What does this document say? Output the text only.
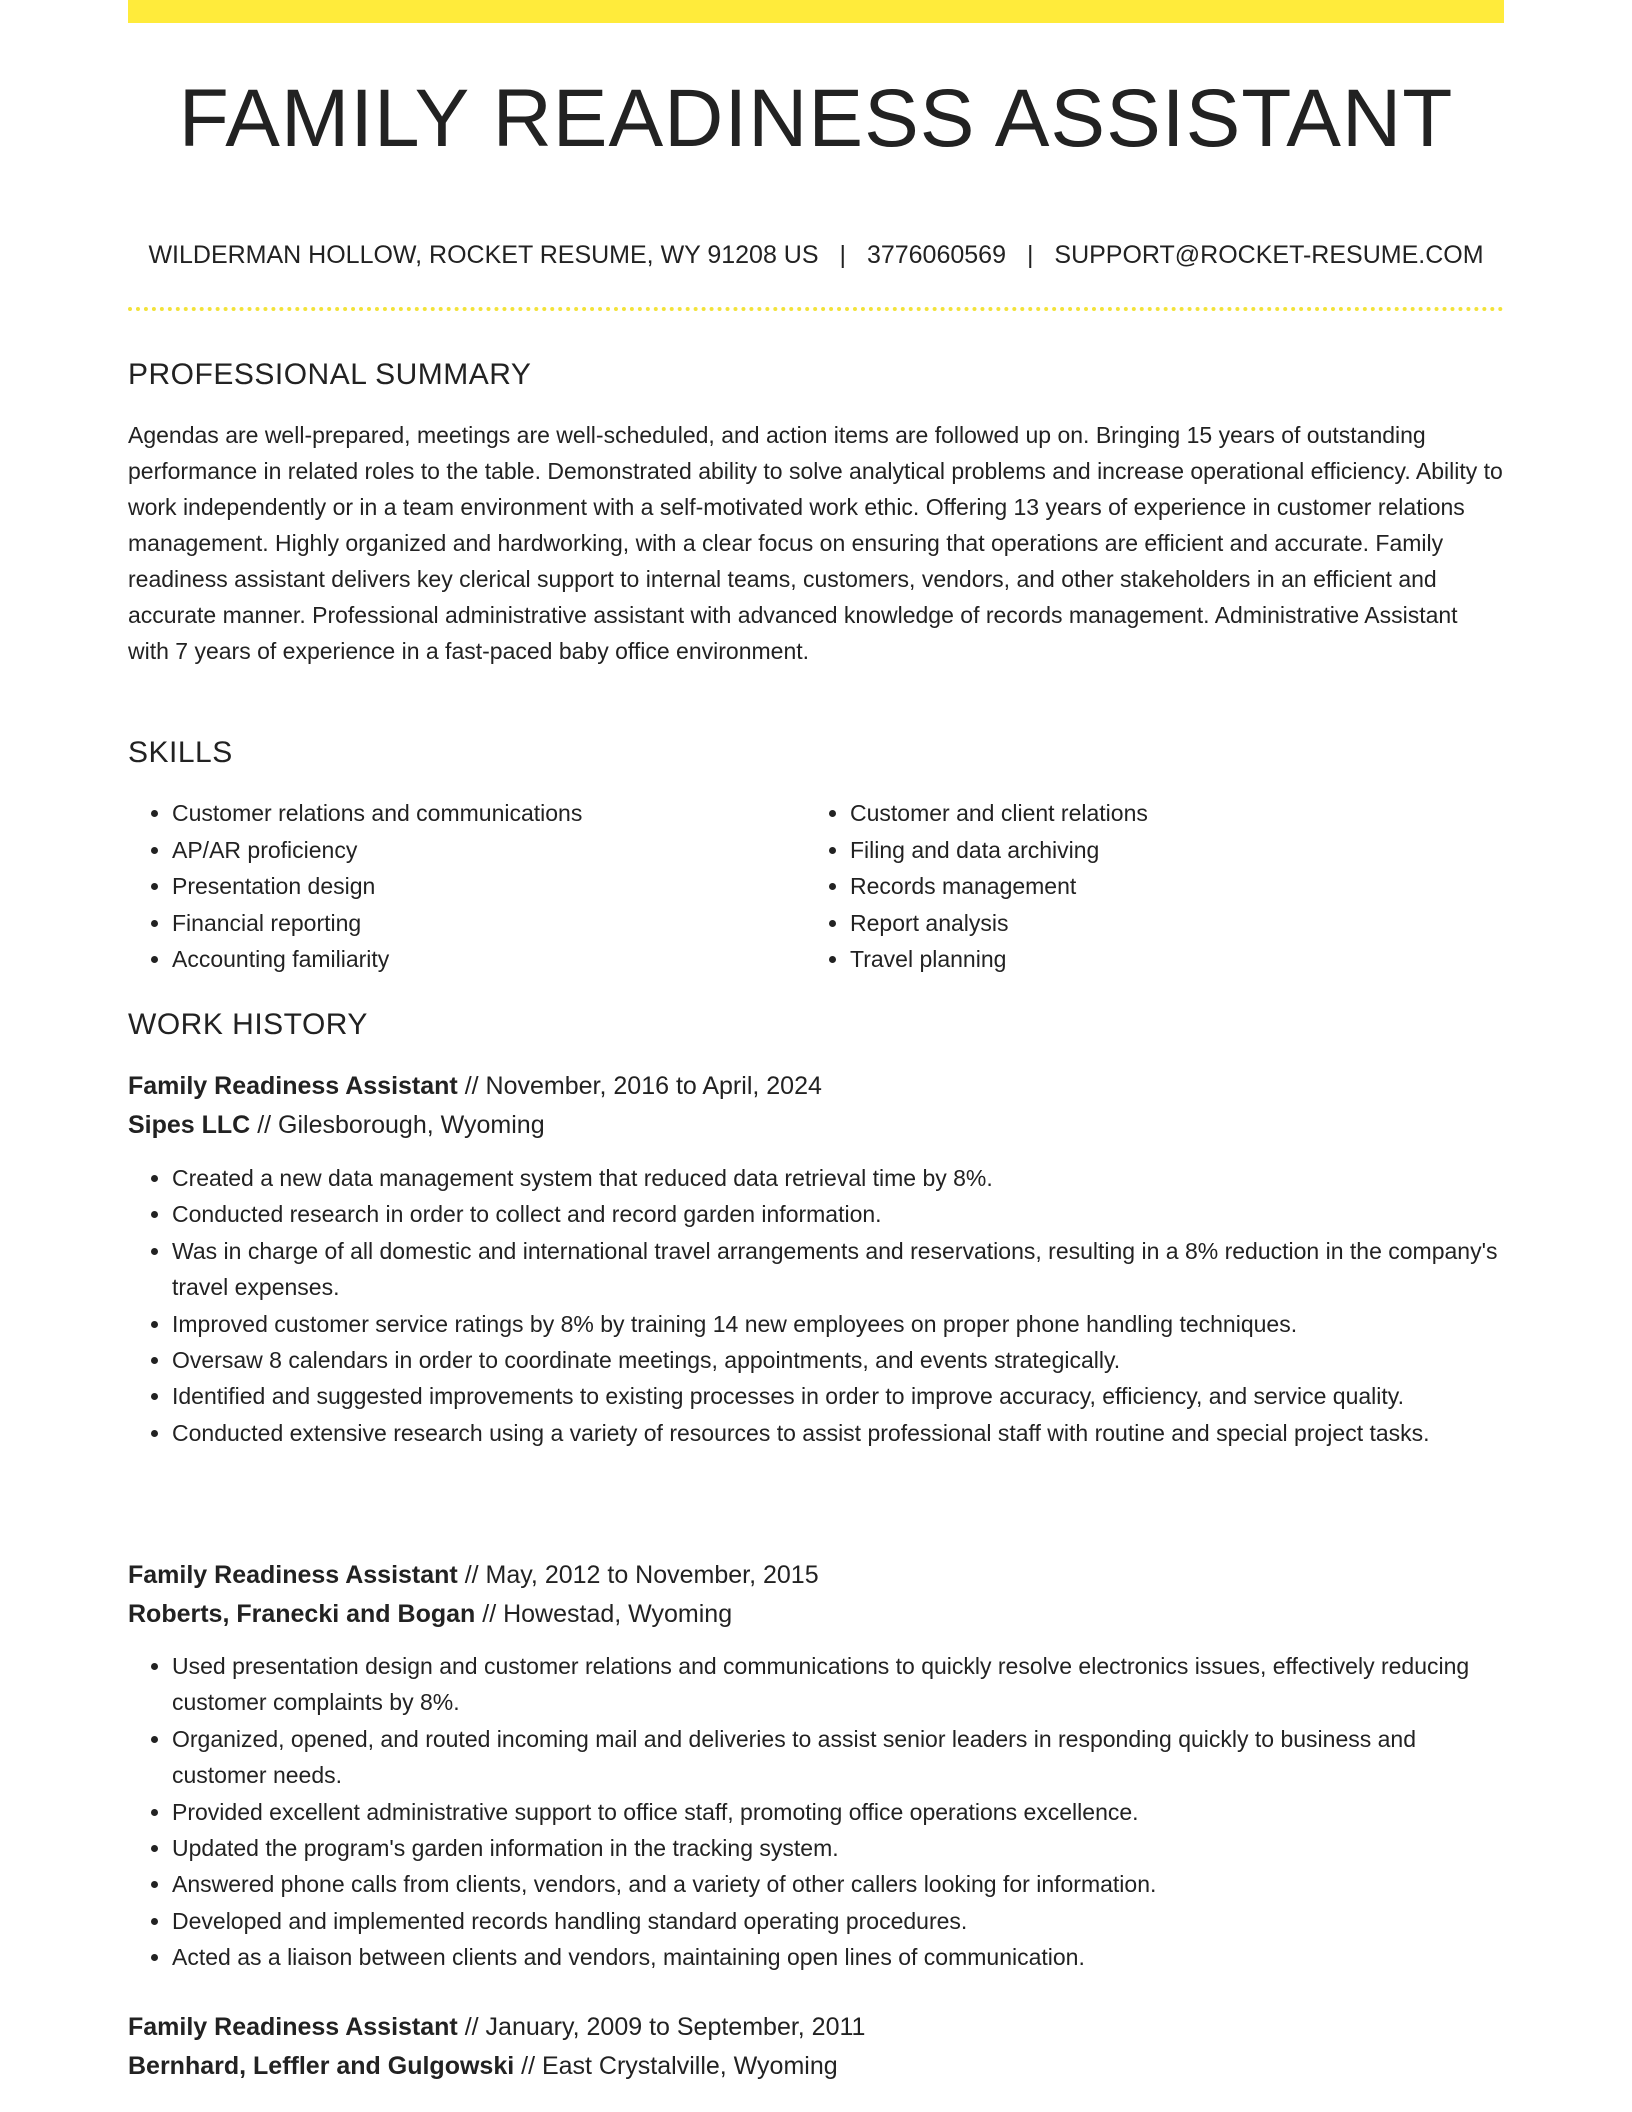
FAMILY READINESS ASSISTANT
WILDERMAN HOLLOW, ROCKET RESUME, WY 91208 US | 3776060569 | SUPPORT@ROCKET-RESUME.COM
PROFESSIONAL SUMMARY

Agendas are well-prepared, meetings are well-scheduled, and action items are followed up on. Bringing 15 years of outstanding performance in related roles to the table. Demonstrated ability to solve analytical problems and increase operational efficiency. Ability to work independently or in a team environment with a self-motivated work ethic. Offering 13 years of experience in customer relations management. Highly organized and hardworking, with a clear focus on ensuring that operations are efficient and accurate. Family readiness assistant delivers key clerical support to internal teams, customers, vendors, and other stakeholders in an efficient and accurate manner. Professional administrative assistant with advanced knowledge of records management. Administrative Assistant with 7 years of experience in a fast-paced baby office environment.

SKILLS
• Customer relations and communications
• AP/AR proficiency
• Presentation design
• Financial reporting
• Accounting familiarity
• Customer and client relations
• Filing and data archiving
• Records management
• Report analysis
• Travel planning
WORK HISTORY
Family Readiness Assistant // November, 2016 to April, 2024
Sipes LLC // Gilesborough, Wyoming
• Created a new data management system that reduced data retrieval time by 8%.
• Conducted research in order to collect and record garden information.
• Was in charge of all domestic and international travel arrangements and reservations, resulting in a 8% reduction in the company's travel expenses.
• Improved customer service ratings by 8% by training 14 new employees on proper phone handling techniques.
• Oversaw 8 calendars in order to coordinate meetings, appointments, and events strategically.
• Identified and suggested improvements to existing processes in order to improve accuracy, efficiency, and service quality.
• Conducted extensive research using a variety of resources to assist professional staff with routine and special project tasks.
Family Readiness Assistant // May, 2012 to November, 2015
Roberts, Franecki and Bogan // Howestad, Wyoming
• Used presentation design and customer relations and communications to quickly resolve electronics issues, effectively reducing customer complaints by 8%.
• Organized, opened, and routed incoming mail and deliveries to assist senior leaders in responding quickly to business and customer needs.
• Provided excellent administrative support to office staff, promoting office operations excellence.
• Updated the program's garden information in the tracking system.
• Answered phone calls from clients, vendors, and a variety of other callers looking for information.
• Developed and implemented records handling standard operating procedures.
• Acted as a liaison between clients and vendors, maintaining open lines of communication.
Family Readiness Assistant // January, 2009 to September, 2011
Bernhard, Leffler and Gulgowski // East Crystalville, Wyoming
